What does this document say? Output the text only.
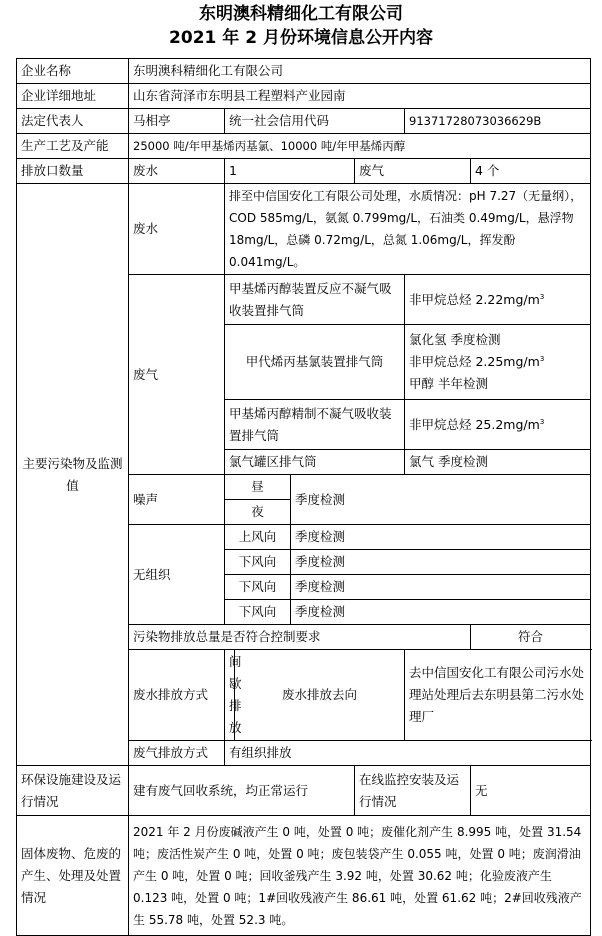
东明澳科精细化工有限公司
2021 年 2 月份环境信息公开内容
企业名称	东明澳科精细化工有限公司						
企业详细地址	山东省菏泽市东明县工程塑料产业园南						
法定代表人	马相亭	统一社会信用代码				91371728073036629B	
生产工艺及产能	25000 吨/年甲基烯丙基氯、10000 吨/年甲基烯丙醇						
排放口数量	废水	1			废气		4 个
主要污染物及监测值	废水	排至中信国安化工有限公司处理，水质情况：pH 7.27（无量纲），COD 585mg/L，氨氮 0.799mg/L，石油类 0.49mg/L，悬浮物 18mg/L，总磷 0.72mg/L，总氮 1.06mg/L，挥发酚 0.041mg/L。					
	废气	甲基烯丙醇装置反应不凝气吸收装置排气筒				非甲烷总烃 $2.22mg/m^3$
		甲代烯丙基氯装置排气筒				氯化氢 季度检测
非甲烷总烃 $2.25mg/m^3$
甲醇 半年检测	

		甲基烯丙醇精制不凝气吸收装置排气筒				非甲烷总烃 $25.2mg/m^3$
		氯气罐区排气筒				氯气 季度检测	
	噪声	昼		季度检测			
		夜					
	无组织	上风向		季度检测			
		下风向		季度检测			
		下风向		季度检测			
		下风向		季度检测			
	污染物排放总量是否符合控制要求						符合
	废水排放方式	间歇排放	废水排放去向			去中信国安化工有限公司污水处理站处理后去东明县第二污水处理厂	
	废气排放方式	有组织排放					
环保设施建设及运行情况	建有废气回收系统，均正常运行				在线监控安装及运行情况		无
固体废物、危废的产生、处理及处置情况	2021 年 2 月份废碱液产生 0 吨，处置 0 吨；废催化剂产生 8.995 吨，处置 31.54 吨；废活性炭产生 0 吨，处置 0 吨；废包装袋产生 0.055 吨，处置 0 吨；废润滑油产生 0 吨，处置 0 吨；回收釜残产生 3.92 吨，处置 30.62 吨；化验废液产生 0.123 吨，处置 0 吨；1#回收残液产生 86.61 吨，处置 61.62 吨；2#回收残液产生 55.78 吨，处置 52.3 吨。						
